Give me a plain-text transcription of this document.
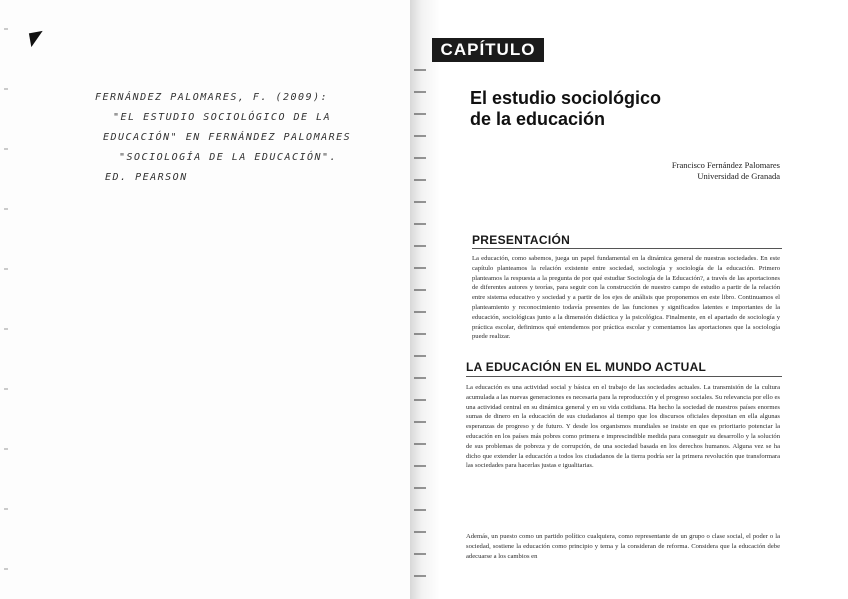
FERNÁNDEZ PALOMARES, F. (2009):
"EL ESTUDIO SOCIOLÓGICO DE LA
EDUCACIÓN" EN FERNÁNDEZ PALOMARES
"SOCIOLOGÍA DE LA EDUCACIÓN".
ED. PEARSON
CAPÍTULO
El estudio sociológico
de la educación
Francisco Fernández Palomares
Universidad de Granada
PRESENTACIÓN
La educación, como sabemos, juega un papel fundamental en la dinámica general de nuestras sociedades. En este capítulo planteamos la relación existente entre sociedad, sociología y sociología de la educación. Primero planteamos la respuesta a la pregunta de por qué estudiar Sociología de la Educación?, a través de las aportaciones de diferentes autores y teorías, para seguir con la construcción de nuestro campo de estudio a partir de la relación entre sistema educativo y sociedad y a partir de los ejes de análisis que proponemos en este libro. Continuamos el planteamiento y reconocimiento todavía presentes de las funciones y significados latentes e importantes de la educación, sociológicas junto a la dimensión didáctica y la psicológica. Finalmente, en el apartado de sociología y práctica escolar, definimos qué entendemos por práctica escolar y comentamos las aportaciones que la sociología puede realizar.
LA EDUCACIÓN EN EL MUNDO ACTUAL
La educación es una actividad social y básica en el trabajo de las sociedades actuales. La transmisión de la cultura acumulada a las nuevas generaciones es necesaria para la reproducción y el progreso sociales. Su relevancia por ello es una actividad central en su dinámica general y en su vida cotidiana. Ha hecho la sociedad de nuestros países enormes sumas de dinero en la educación de sus ciudadanos al tiempo que los discursos oficiales depositan en ella algunas esperanzas de progreso y de futuro. Y desde los organismos mundiales se insiste en que es prioritario potenciar la educación en los países más pobres como primera e imprescindible medida para conseguir su desarrollo y la solución de sus problemas de pobreza y de corrupción, de una sociedad basada en los derechos humanos. Alguna vez se ha dicho que extender la educación a todos los ciudadanos de la tierra podría ser la primera revolución que transformara las sociedades para hacerlas justas e igualitarias.
Además, un puesto como un partido político cualquiera, como representante de un grupo o clase social, el poder o la sociedad, sostiene la educación como principio y tema y la consideran de reforma. Considera que la educación debe adecuarse a los cambios en
